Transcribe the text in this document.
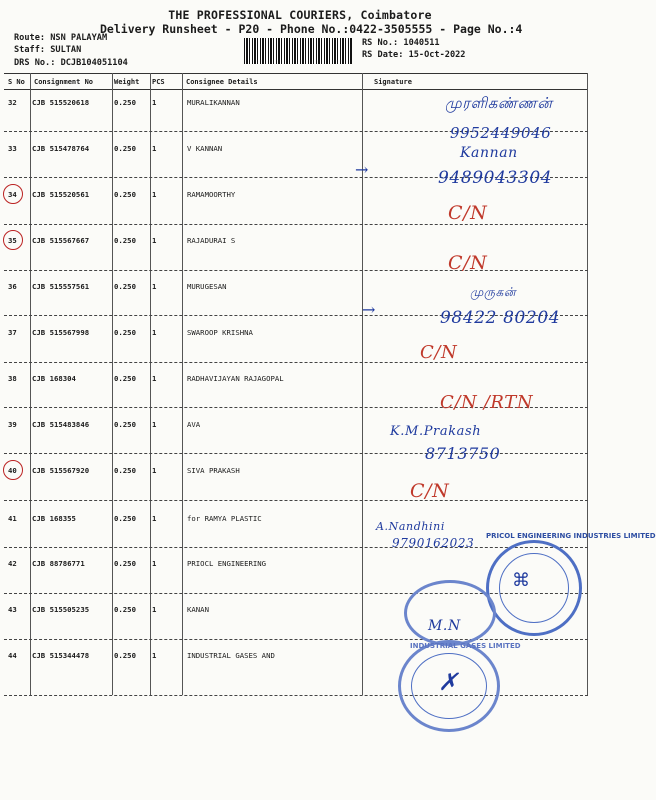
THE PROFESSIONAL COURIERS, Coimbatore
Delivery Runsheet - P20 - Phone No.:0422-3505555 - Page No.:4
Route: NSN PALAYAM
Staff: SULTAN
DRS No.: DCJB104051104
RS No.: 1040511
RS Date: 15-Oct-2022
S No Consignment No	Weight PCS	Consignee Details	Signature
32 CJB 515520618	0.250 1	MURALIKANNAN
33 CJB 515478764	0.250 1	V KANNAN
34 CJB 515520561	0.250 1	RAMAMOORTHY
35 CJB 515567667	0.250 1	RAJADURAI S
36 CJB 515557561	0.250 1	MURUGESAN
37 CJB 515567998	0.250 1	SWAROOP KRISHNA
38 CJB 168304	0.250 1	RADHAVIJAYAN RAJAGOPAL
39 CJB 515483846	0.250 1	AVA
40 CJB 515567920	0.250 1	SIVA PRAKASH
41 CJB 168355	0.250 1	for RAMYA PLASTIC
42 CJB 88786771	0.250 1	PRIOCL ENGINEERING
43 CJB 515505235	0.250 1	KANAN
44 CJB 515344478	0.250 1	INDUSTRIAL GASES AND
முரளிகண்ணன்
9952449046
Kannan
9489043304
→
C/N
C/N
முருகன்
→	98422 80204
C/N
C/N /RTN
K.M.Prakash
8713750
C/N
A.Nandhini
9790162023
M.N
PRICOL ENGINEERING INDUSTRIES LIMITED
⌘
INDUSTRIAL GASES LIMITED
✗
